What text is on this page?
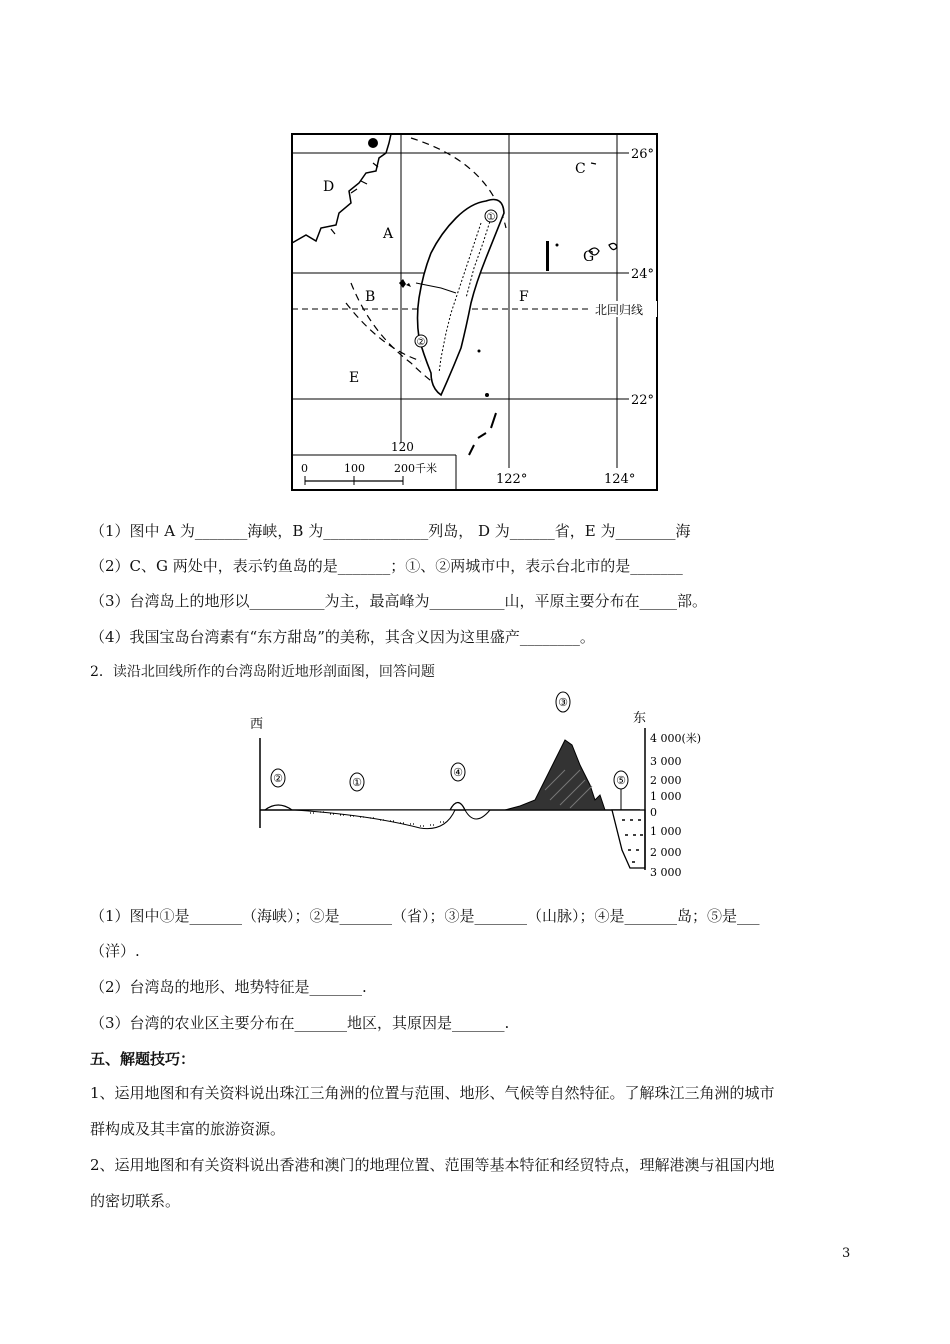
①
②
D
A
B
E
F
C
G
26°
24°
22°
北回归线
120
122°	124°
0	100	200千米
（1）图中 A 为_______海峡，B 为______________列岛， D 为______省，E 为________海
（2）C、G 两处中，表示钓鱼岛的是_______；①、②两城市中，表示台北市的是_______
（3）台湾岛上的地形以__________为主，最高峰为__________山，平原主要分布在_____部。
（4）我国宝岛台湾素有“东方甜岛”的美称，其含义因为这里盛产________。
2．读沿北回线所作的台湾岛附近地形剖面图，回答问题
西	东
4 000(米)
3 000
2 000
1 000
0
1 000
2 000
3 000
①
②
③
④
⑤
（1）图中①是_______（海峡）；②是_______（省）；③是_______（山脉）；④是_______岛；⑤是___
（洋）.
（2）台湾岛的地形、地势特征是_______.
（3）台湾的农业区主要分布在_______地区，其原因是_______.
五、解题技巧：
1、运用地图和有关资料说出珠江三角洲的位置与范围、地形、气候等自然特征。了解珠江三角洲的城市
群构成及其丰富的旅游资源。
2、运用地图和有关资料说出香港和澳门的地理位置、范围等基本特征和经贸特点，理解港澳与祖国内地
的密切联系。
3
